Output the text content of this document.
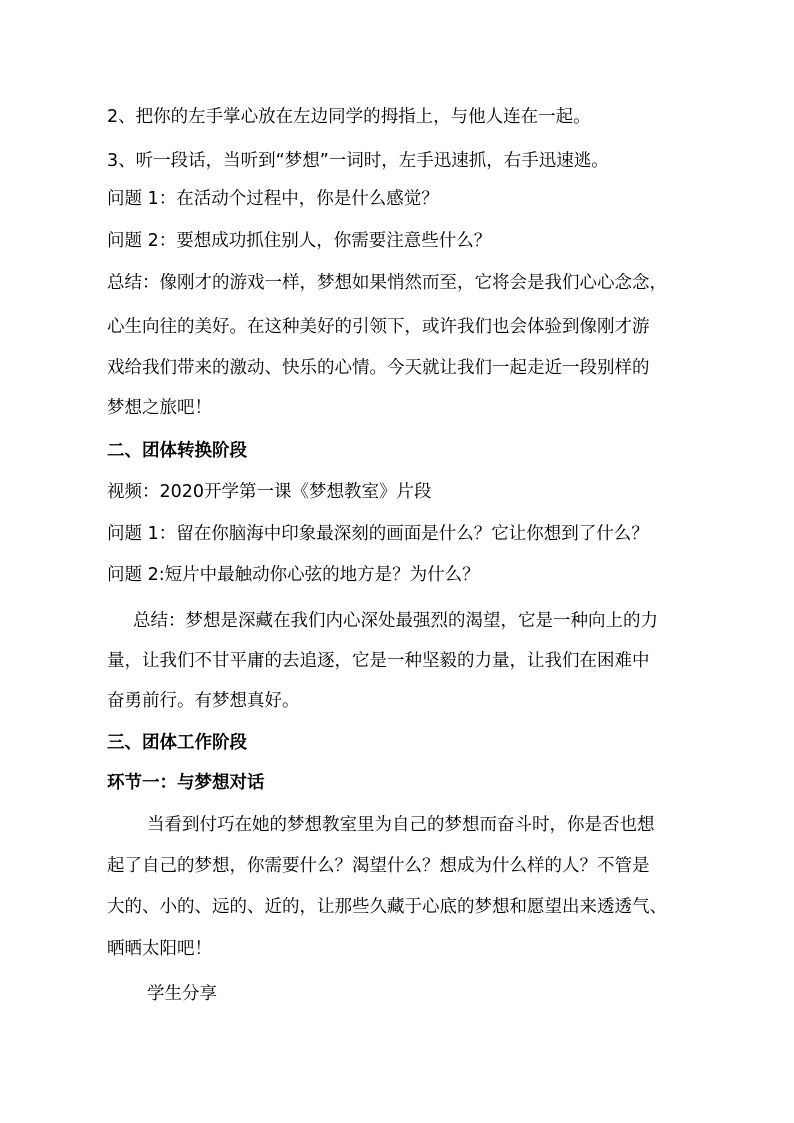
2、把你的左手掌心放在左边同学的拇指上，与他人连在一起。
3、听一段话，当听到“梦想”一词时，左手迅速抓，右手迅速逃。
问题 1：在活动个过程中，你是什么感觉？
问题 2：要想成功抓住别人，你需要注意些什么？
总结：像刚才的游戏一样，梦想如果悄然而至，它将会是我们心心念念，
心生向往的美好。在这种美好的引领下，或许我们也会体验到像刚才游
戏给我们带来的激动、快乐的心情。今天就让我们一起走近一段别样的
梦想之旅吧！
二、团体转换阶段
视频：2020开学第一课《梦想教室》片段
问题 1：留在你脑海中印象最深刻的画面是什么？它让你想到了什么？
问题 2:短片中最触动你心弦的地方是？为什么？
总结：梦想是深藏在我们内心深处最强烈的渴望，它是一种向上的力
量，让我们不甘平庸的去追逐，它是一种坚毅的力量，让我们在困难中
奋勇前行。有梦想真好。
三、团体工作阶段
环节一：与梦想对话
当看到付巧在她的梦想教室里为自己的梦想而奋斗时，你是否也想
起了自己的梦想，你需要什么？渴望什么？想成为什么样的人？不管是
大的、小的、远的、近的，让那些久藏于心底的梦想和愿望出来透透气、
晒晒太阳吧！
学生分享
